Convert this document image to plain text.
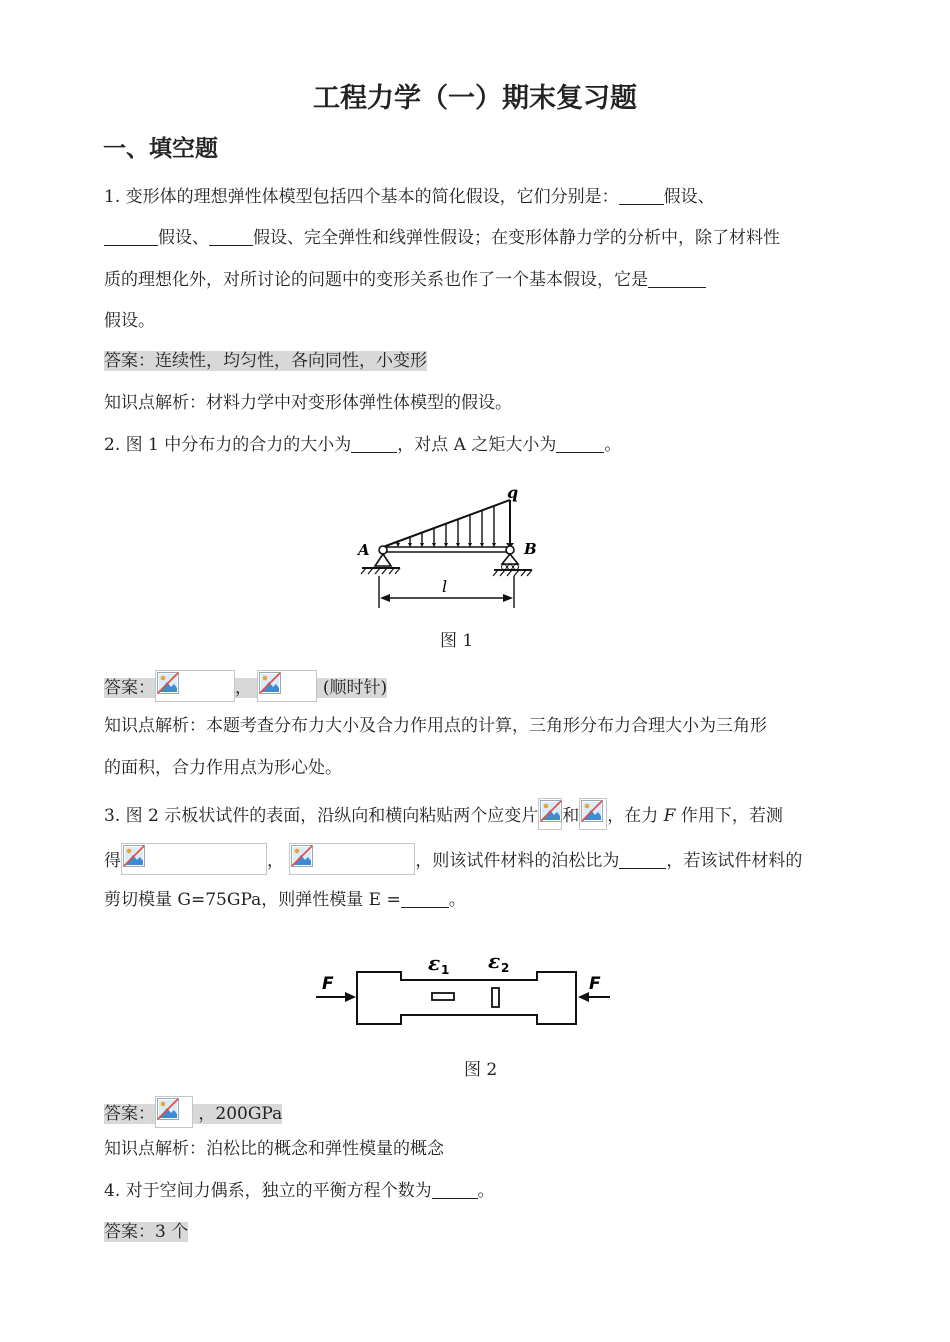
工程力学（一）期末复习题
一、填空题
1. 变形体的理想弹性体模型包括四个基本的简化假设，它们分别是：	假设、
假设、	假设、完全弹性和线弹性假设；在变形体静力学的分析中，除了材料性
质的理想化外，对所讨论的问题中的变形关系也作了一个基本假设，它是
假设。
答案：连续性，均匀性，各向同性，小变形
知识点解析：材料力学中对变形体弹性体模型的假设。
2. 图 1 中分布力的合力的大小为	，对点 A 之矩大小为	。
q
A	B
l
图 1
答案：	，	(顺时针)
知识点解析：本题考查分布力大小及合力作用点的计算，三角形分布力合理大小为三角形
的面积，合力作用点为形心处。
3. 图 2 示板状试件的表面，沿纵向和横向粘贴两个应变片 和 ，在力 F 作用下，若测
得	，	，则该试件材料的泊松比为	，若该试件材料的
剪切模量 G=75GPa，则弹性模量 E =	。
F	F
ε 1 ε 2
图 2
答案：	，200GPa
知识点解析：泊松比的概念和弹性模量的概念
4. 对于空间力偶系，独立的平衡方程个数为	。
答案：3 个
